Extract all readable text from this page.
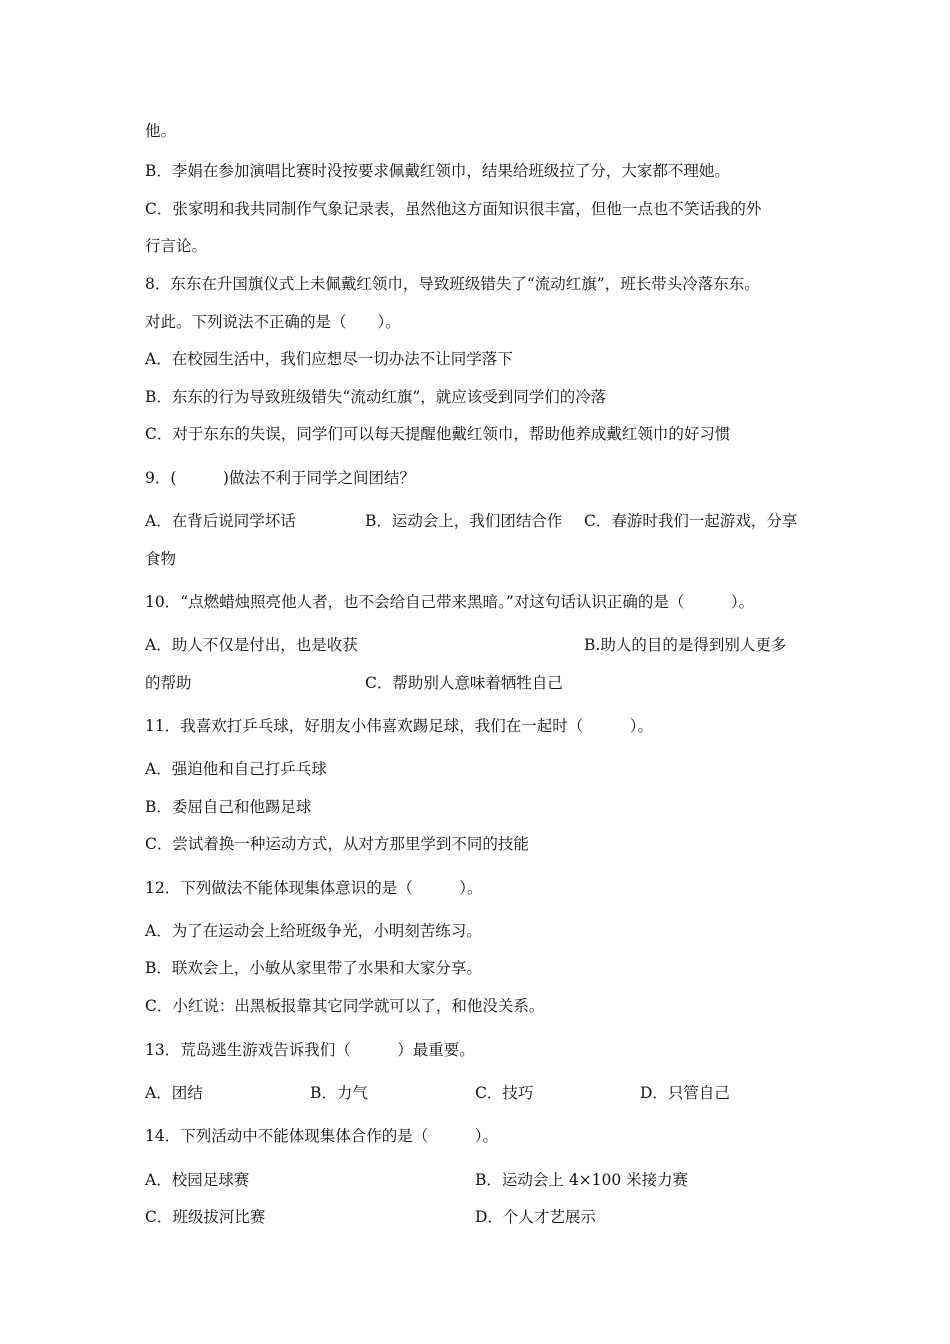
他。
B．李娟在参加演唱比赛时没按要求佩戴红领巾，结果给班级拉了分，大家都不理她。
C．张家明和我共同制作气象记录表，虽然他这方面知识很丰富，但他一点也不笑话我的外
行言论。
8．东东在升国旗仪式上未佩戴红领巾，导致班级错失了“流动红旗”，班长带头冷落东东。
对此。下列说法不正确的是（　　）。
A．在校园生活中，我们应想尽一切办法不让同学落下
B．东东的行为导致班级错失“流动红旗”，就应该受到同学们的冷落
C．对于东东的失误，同学们可以每天提醒他戴红领巾，帮助他养成戴红领巾的好习惯
9．(　　　)做法不利于同学之间团结？
A．在背后说同学坏话	B．运动会上，我们团结合作 C．春游时我们一起游戏，分享
食物
10．“点燃蜡烛照亮他人者，也不会给自己带来黑暗。”对这句话认识正确的是（　　　）。
A．助人不仅是付出，也是收获	B.助人的目的是得到别人更多
的帮助	C．帮助别人意味着牺牲自己
11．我喜欢打乒乓球，好朋友小伟喜欢踢足球，我们在一起时（　　　）。
A．强迫他和自己打乒乓球
B．委屈自己和他踢足球
C．尝试着换一种运动方式，从对方那里学到不同的技能
12．下列做法不能体现集体意识的是（　　　）。
A．为了在运动会上给班级争光，小明刻苦练习。
B．联欢会上，小敏从家里带了水果和大家分享。
C．小红说：出黑板报靠其它同学就可以了，和他没关系。
13．荒岛逃生游戏告诉我们（　　　）最重要。
A．团结	B．力气	C．技巧	D．只管自己
14．下列活动中不能体现集体合作的是（　　　）。
A．校园足球赛	B．运动会上 4×100 米接力赛
C．班级拔河比赛	D．个人才艺展示
